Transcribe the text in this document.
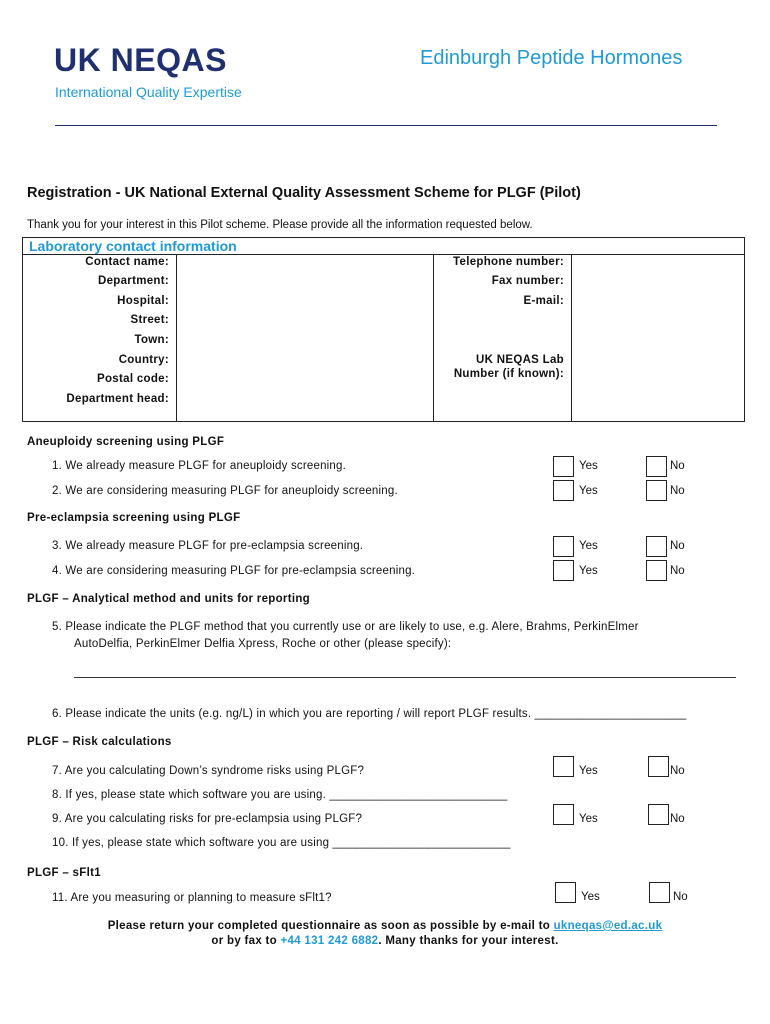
UK NEQAS
International Quality Expertise
Edinburgh Peptide Hormones
Registration - UK National External Quality Assessment Scheme for PLGF (Pilot)
Thank you for your interest in this Pilot scheme. Please provide all the information requested below.
Laboratory contact information
Contact name:
Department:
Hospital:
Street:
Town:
Country:
Postal code:
Department head:
Telephone number:
Fax number:
E-mail:
UK NEQAS Lab
Number (if known):
Aneuploidy screening using PLGF
1. We already measure PLGF for aneuploidy screening.	Yes	No
2. We are considering measuring PLGF for aneuploidy screening.	Yes	No
Pre-eclampsia screening using PLGF
3. We already measure PLGF for pre-eclampsia screening.	Yes	No
4. We are considering measuring PLGF for pre-eclampsia screening.	Yes	No
PLGF – Analytical method and units for reporting
5. Please indicate the PLGF method that you currently use or are likely to use, e.g. Alere, Brahms, PerkinElmer
AutoDelfia, PerkinElmer Delfia Xpress, Roche or other (please specify):
6. Please indicate the units (e.g. ng/L) in which you are reporting / will report PLGF results. _______________________
PLGF – Risk calculations
7. Are you calculating Down’s syndrome risks using PLGF?	Yes	No
8. If yes, please state which software you are using. ___________________________
9. Are you calculating risks for pre-eclampsia using PLGF?	Yes	No
10. If yes, please state which software you are using ___________________________
PLGF – sFlt1
11. Are you measuring or planning to measure sFlt1?	Yes	No
Please return your completed questionnaire as soon as possible by e-mail to ukneqas@ed.ac.uk
or by fax to +44 131 242 6882. Many thanks for your interest.
